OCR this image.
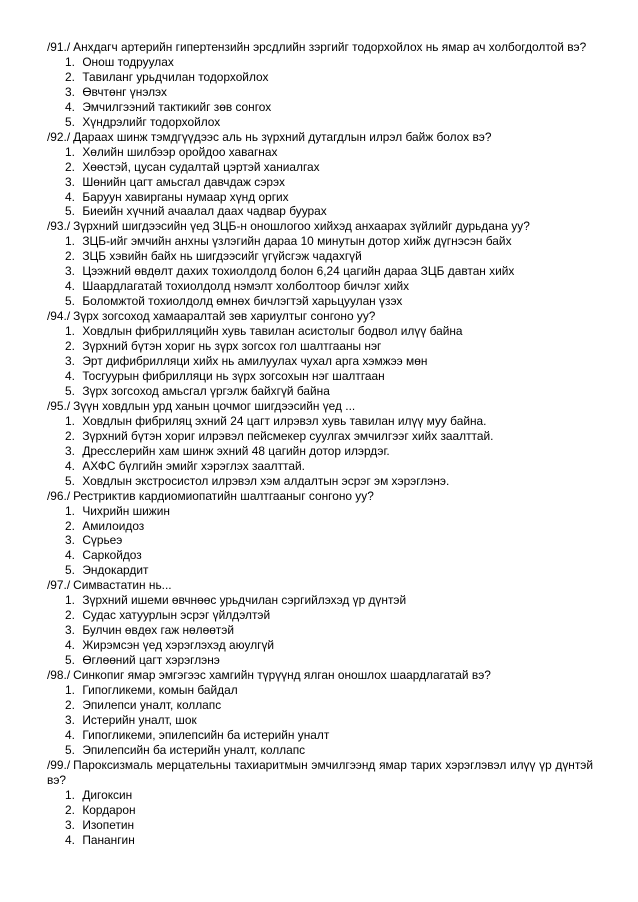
/91./ Анхдагч артерийн гипертензийн эрсдлийн зэргийг тодорхойлох нь ямар ач холбогдолтой вэ?
1. Онош тодруулах
2. Тавиланг урьдчилан тодорхойлох
3. Өвчтөнг үнэлэх
4. Эмчилгээний тактикийг зөв сонгох
5. Хүндрэлийг тодорхойлох
/92./ Дараах шинж тэмдгүүдээс аль нь зүрхний дутагдлын илрэл байж болох вэ?
1. Хөлийн шилбээр оройдоо хавагнах
2. Хөөстэй, цусан судалтай цэртэй ханиалгах
3. Шөнийн цагт амьсгал давчдаж сэрэх
4. Баруун хавирганы нумаар хүнд оргих
5. Биеийн хүчний ачаалал даах чадвар буурах
/93./ Зүрхний шигдээсийн үед ЗЦБ-н оношлогоо хийхэд анхаарах зүйлийг дурьдана уу?
1. ЗЦБ-ийг эмчийн анхны үзлэгийн дараа 10 минутын дотор хийж дүгнэсэн байх
2. ЗЦБ хэвийн байх нь шигдээсийг үгүйсгэж чадахгүй
3. Цээжний өвдөлт дахих тохиолдолд болон 6,24 цагийн дараа ЗЦБ давтан хийх
4. Шаардлагатай тохиолдолд нэмэлт холболтоор бичлэг хийх
5. Боломжтой тохиолдолд өмнөх бичлэгтэй харьцуулан үзэх
/94./ Зүрх зогсоход хамааралтай зөв хариултыг сонгоно уу?
1. Ховдлын фибрилляцийн хувь тавилан асистолыг бодвол илүү байна
2. Зүрхний бүтэн хориг нь зүрх зогсох гол шалтгааны нэг
3. Эрт дифибрилляци хийх нь амилуулах чухал арга хэмжээ мөн
4. Тосгуурын фибрилляци нь зүрх зогсохын нэг шалтгаан
5. Зүрх зогсоход амьсгал үргэлж байхгүй байна
/95./ Зүүн ховдлын урд ханын цочмог шигдээсийн үед ...
1. Ховдлын фибриляц эхний 24 цагт илрэвэл хувь тавилан илүү муу байна.
2. Зүрхний бүтэн хориг илрэвэл пейсмекер суулгах эмчилгээг хийх заалттай.
3. Дресслерийн хам шинж эхний 48 цагийн дотор илэрдэг.
4. АХФС бүлгийн эмийг хэрэглэх заалттай.
5. Ховдлын экстросистол илрэвэл хэм алдалтын эсрэг эм хэрэглэнэ.
/96./ Рестриктив кардиомиопатийн шалтгааныг сонгоно уу?
1. Чихрийн шижин
2. Амилоидоз
3. Сүрьеэ
4. Саркойдоз
5. Эндокардит
/97./ Симвастатин нь...
1. Зүрхний ишеми өвчнөөс урьдчилан сэргийлэхэд үр дүнтэй
2. Судас хатуурлын эсрэг үйлдэлтэй
3. Булчин өвдөх гаж нөлөөтэй
4. Жирэмсэн үед хэрэглэхэд аюулгүй
5. Өглөөний цагт хэрэглэнэ
/98./ Синкопиг ямар эмгэгээс хамгийн түрүүнд ялган оношлох шаардлагатай вэ?
1. Гипогликеми, комын байдал
2. Эпилепси уналт, коллапс
3. Истерийн уналт, шок
4. Гипогликеми, эпилепсийн ба истерийн уналт
5. Эпилепсийн ба истерийн уналт, коллапс
/99./ Пароксизмаль мерцательны тахиаритмын эмчилгээнд ямар тарих хэрэглэвэл илүү үр дүнтэй вэ?
1. Дигоксин
2. Кордарон
3. Изопетин
4. Панангин
